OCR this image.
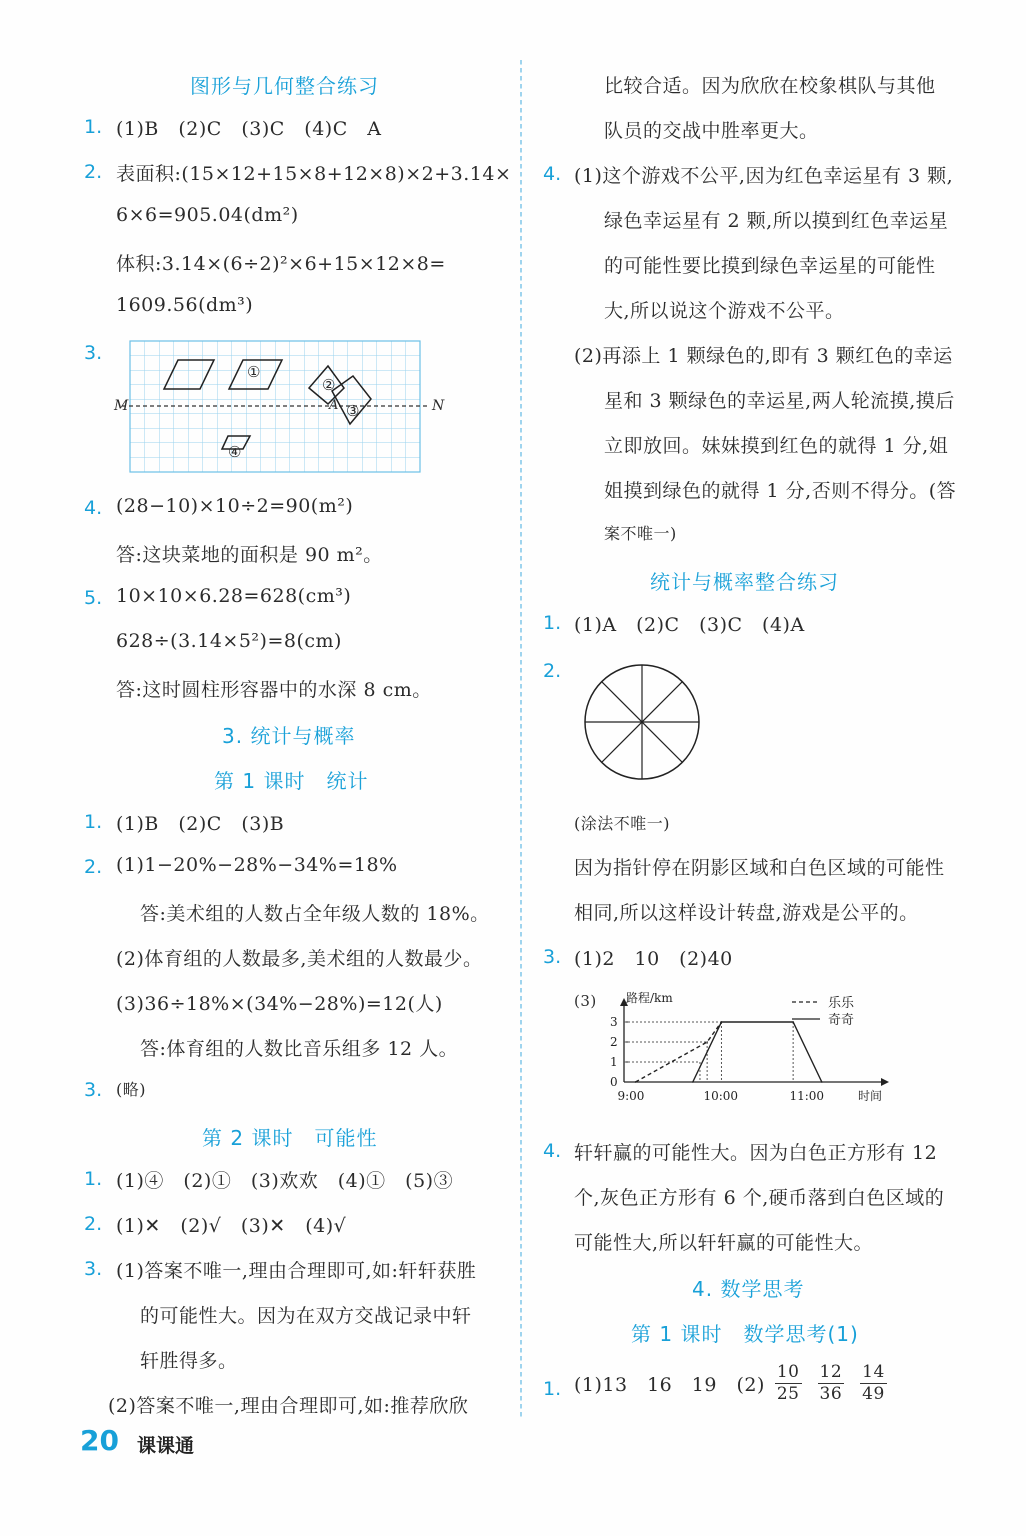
图形与几何整合练习
1. (1)B　(2)C　(3)C　(4)C　A
2. 表面积:(15×12+15×8+12×8)×2+3.14×
6×6=905.04(dm²)
体积:3.14×(6÷2)²×6+15×12×8=
1609.56(dm³)
3.
M	N
A
①
②
③
④
4. (28−10)×10÷2=90(m²)
答:这块菜地的面积是 90 m²。
5. 10×10×6.28=628(cm³)
628÷(3.14×5²)=8(cm)
答:这时圆柱形容器中的水深 8 cm。
3. 统计与概率
第 1 课时　统计
1. (1)B　(2)C　(3)B
2. (1)1−20%−28%−34%=18%
答:美术组的人数占全年级人数的 18%。
(2)体育组的人数最多,美术组的人数最少。
(3)36÷18%×(34%−28%)=12(人)
答:体育组的人数比音乐组多 12 人。
3. (略)
第 2 课时　可能性
1. (1)④　(2)①　(3)欢欢　(4)①　(5)③
2. (1)✕　(2)√　(3)✕　(4)√
3. (1)答案不唯一,理由合理即可,如:轩轩获胜
的可能性大。因为在双方交战记录中轩
轩胜得多。
(2)答案不唯一,理由合理即可,如:推荐欣欣
比较合适。因为欣欣在校象棋队与其他
队员的交战中胜率更大。
4. (1)这个游戏不公平,因为红色幸运星有 3 颗,
绿色幸运星有 2 颗,所以摸到红色幸运星
的可能性要比摸到绿色幸运星的可能性
大,所以说这个游戏不公平。
(2)再添上 1 颗绿色的,即有 3 颗红色的幸运
星和 3 颗绿色的幸运星,两人轮流摸,摸后
立即放回。妹妹摸到红色的就得 1 分,姐
姐摸到绿色的就得 1 分,否则不得分。(答
案不唯一)
统计与概率整合练习
1. (1)A　(2)C　(3)C　(4)A
2.
(涂法不唯一)
因为指针停在阴影区域和白色区域的可能性
相同,所以这样设计转盘,游戏是公平的。
3. (1)2　10　(2)40
(3) 路程/km
时间
0
1
2
3
9:00	10:00	11:00
乐乐
奇奇
4. 轩轩赢的可能性大。因为白色正方形有 12
个,灰色正方形有 6 个,硬币落到白色区域的
可能性大,所以轩轩赢的可能性大。
4. 数学思考
第 1 课时　数学思考(1)
1. (1)13　16　19　$(2) \frac{10}{25} \frac{12}{36} \frac{14}{49}$
20 课课通
